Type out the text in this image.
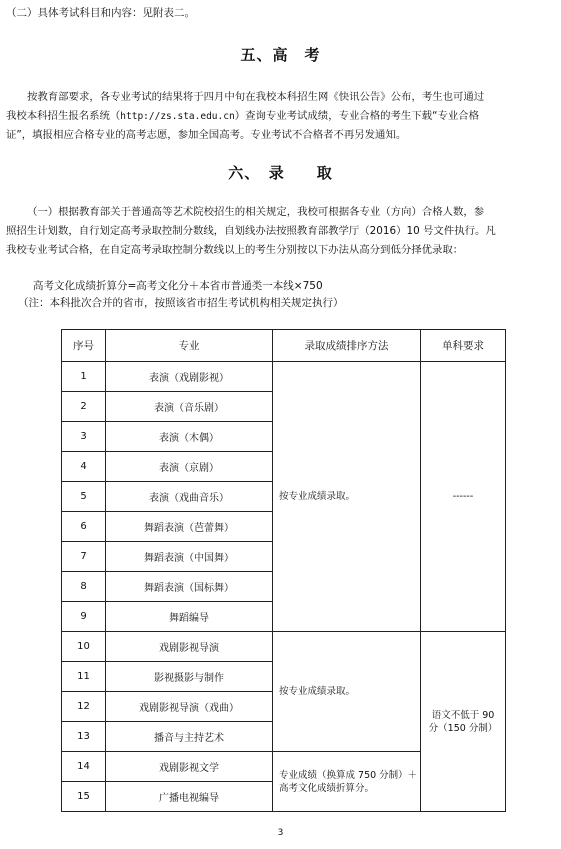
（二）具体考试科目和内容：见附表二。
五、高　考
按教育部要求，各专业考试的结果将于四月中旬在我校本科招生网《快讯公告》公布，考生也可通过
我校本科招生报名系统（http://zs.sta.edu.cn）查询专业考试成绩，专业合格的考生下载“专业合格
证”，填报相应合格专业的高考志愿，参加全国高考。专业考试不合格者不再另发通知。
六、　录　　取
（一）根据教育部关于普通高等艺术院校招生的相关规定，我校可根据各专业（方向）合格人数，参
照招生计划数，自行划定高考录取控制分数线，自划线办法按照教育部教学厅（2016）10 号文件执行。凡
我校专业考试合格，在自定高考录取控制分数线以上的考生分别按以下办法从高分到低分择优录取：
高考文化成绩折算分=高考文化分＋本省市普通类一本线×750
（注：本科批次合并的省市，按照该省市招生考试机构相关规定执行）
序号	专业	录取成绩排序方法	单科要求
1	表演（戏剧影视）	按专业成绩录取。	------
2	表演（音乐剧）		
3	表演（木偶）		
4	表演（京剧）		
5	表演（戏曲音乐）		
6	舞蹈表演（芭蕾舞）		
7	舞蹈表演（中国舞）		
8	舞蹈表演（国标舞）		
9	舞蹈编导		
10	戏剧影视导演	按专业成绩录取。	语文不低于 90
分（150 分制）

11	影视摄影与制作		
12	戏剧影视导演（戏曲）		
13	播音与主持艺术		
14	戏剧影视文学	专业成绩（换算成 750 分制）＋
高考文化成绩折算分。	

15	广播电视编导		
3
